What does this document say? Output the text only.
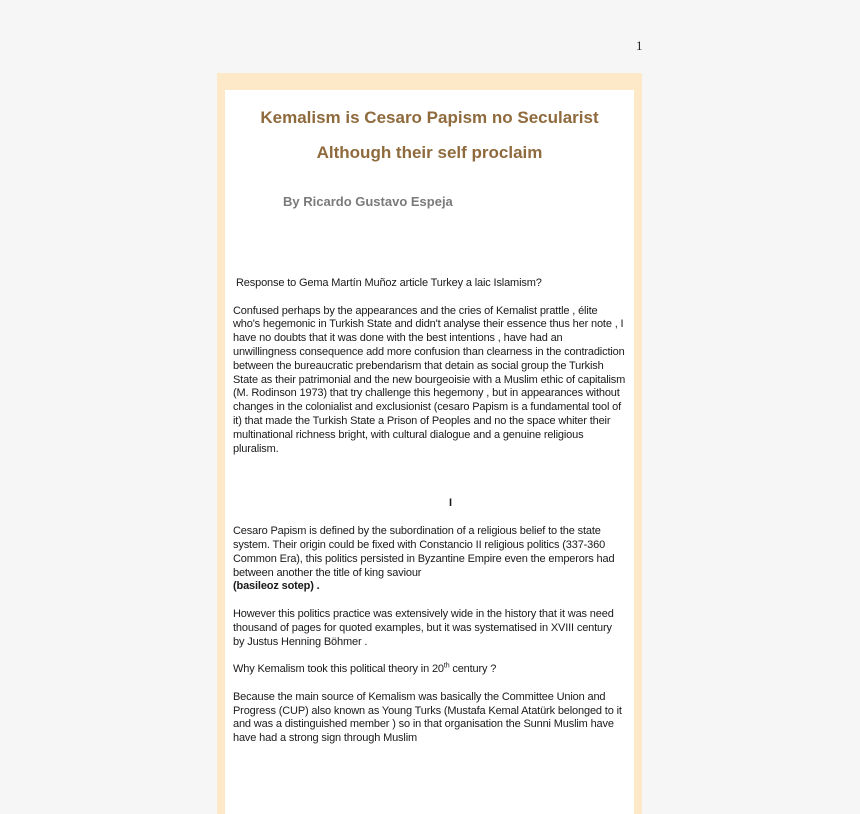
1
Kemalism is Cesaro Papism no Secularist
Although their self proclaim

By Ricardo Gustavo Espeja

Response to Gema Martín Muñoz article Turkey a laic Islamism?

Confused perhaps by the appearances and the cries of Kemalist prattle , élite who's hegemonic in Turkish State and didn't analyse their essence thus her note , I have no doubts that it was done with the best intentions , have had an unwillingness consequence add more confusion than clearness in the contradiction between the bureaucratic prebendarism that detain as social group the Turkish State as their patrimonial and the new bourgeoisie with a Muslim ethic of capitalism (M. Rodinson 1973) that try challenge this hegemony , but in appearances without changes in the colonialist and exclusionist (cesaro Papism is a fundamental tool of it) that made the Turkish State a Prison of Peoples and no the space whiter their multinational richness bright, with cultural dialogue and a genuine religious pluralism.

I

Cesaro Papism is defined by the subordination of a religious belief to the state system. Their origin could be fixed with Constancio II religious politics (337-360 Common Era), this politics persisted in Byzantine Empire even the emperors had between another the title of king saviour
(basileoz sotep) .

However this politics practice was extensively wide in the history that it was need thousand of pages for quoted examples, but it was systematised in XVIII century by Justus Henning Böhmer .

Why Kemalism took this political theory in 20th century ?

Because the main source of Kemalism was basically the Committee Union and Progress (CUP) also known as Young Turks (Mustafa Kemal Atatürk belonged to it and was a distinguished member ) so in that organisation the Sunni Muslim have have had a strong sign through Muslim
